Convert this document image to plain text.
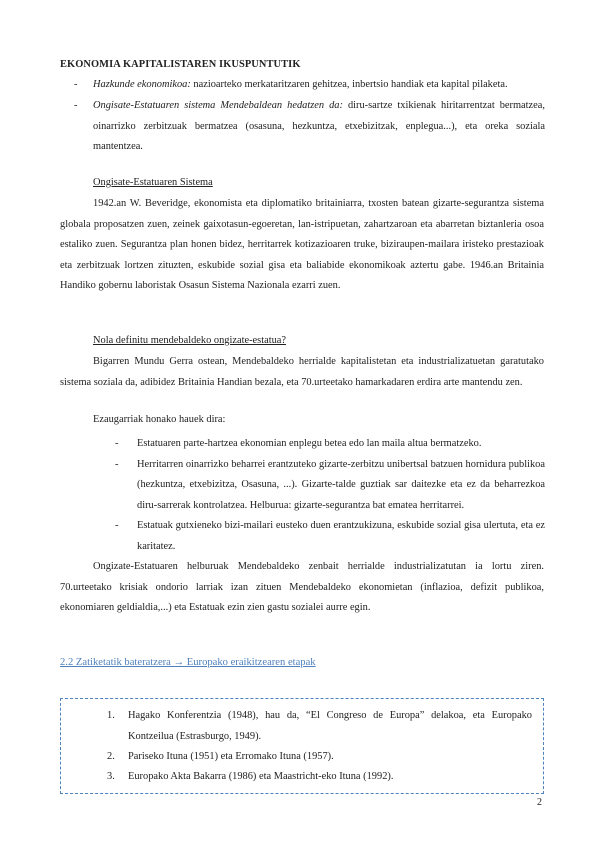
EKONOMIA KAPITALISTAREN IKUSPUNTUTIK
- Hazkunde ekonomikoa: nazioarteko merkataritzaren gehitzea, inbertsio handiak eta kapital pilaketa.
- Ongisate-Estatuaren sistema Mendebaldean hedatzen da: diru-sartze txikienak hiritarrentzat bermatzea, oinarrizko zerbitzuak bermatzea (osasuna, hezkuntza, etxebizitzak, enplegua...), eta oreka soziala mantentzea.
Ongisate-Estatuaren Sistema
1942.an W. Beveridge, ekonomista eta diplomatiko britainiarra, txosten batean gizarte-segurantza sistema globala proposatzen zuen, zeinek gaixotasun-egoeretan, lan-istripuetan, zahartzaroan eta abarretan biztanleria osoa estaliko zuen. Segurantza plan honen bidez, herritarrek kotizazioaren truke, biziraupen-mailara iristeko prestazioak eta zerbitzuak lortzen zituzten, eskubide sozial gisa eta baliabide ekonomikoak aztertu gabe. 1946.an Britainia Handiko gobernu laboristak Osasun Sistema Nazionala ezarri zuen.
Nola definitu mendebaldeko ongizate-estatua?
Bigarren Mundu Gerra ostean, Mendebaldeko herrialde kapitalistetan eta industrializatuetan garatutako sistema soziala da, adibidez Britainia Handian bezala, eta 70.urteetako hamarkadaren erdira arte mantendu zen.
Ezaugarriak honako hauek dira:
- Estatuaren parte-hartzea ekonomian enplegu betea edo lan maila altua bermatzeko.
- Herritarren oinarrizko beharrei erantzuteko gizarte-zerbitzu unibertsal batzuen hornidura publikoa (hezkuntza, etxebizitza, Osasuna, ...). Gizarte-talde guztiak sar daitezke eta ez da beharrezkoa diru-sarrerak kontrolatzea. Helburua: gizarte-segurantza bat ematea herritarrei.
- Estatuak gutxieneko bizi-mailari eusteko duen erantzukizuna, eskubide sozial gisa ulertuta, eta ez karitatez.
Ongizate-Estatuaren helburuak Mendebaldeko zenbait herrialde industrializatutan ia lortu ziren. 70.urteetako krisiak ondorio larriak izan zituen Mendebaldeko ekonomietan (inflazioa, defizit publikoa, ekonomiaren geldialdia,...) eta Estatuak ezin zien gastu sozialei aurre egin.
2.2 Zatiketatik bateratzera → Europako eraikitzearen etapak
1. Hagako Konferentzia (1948), hau da, “El Congreso de Europa” delakoa, eta Europako Kontzeilua (Estrasburgo, 1949).
2. Pariseko Ituna (1951) eta Erromako Ituna (1957).
3. Europako Akta Bakarra (1986) eta Maastricht-eko Ituna (1992).
2
